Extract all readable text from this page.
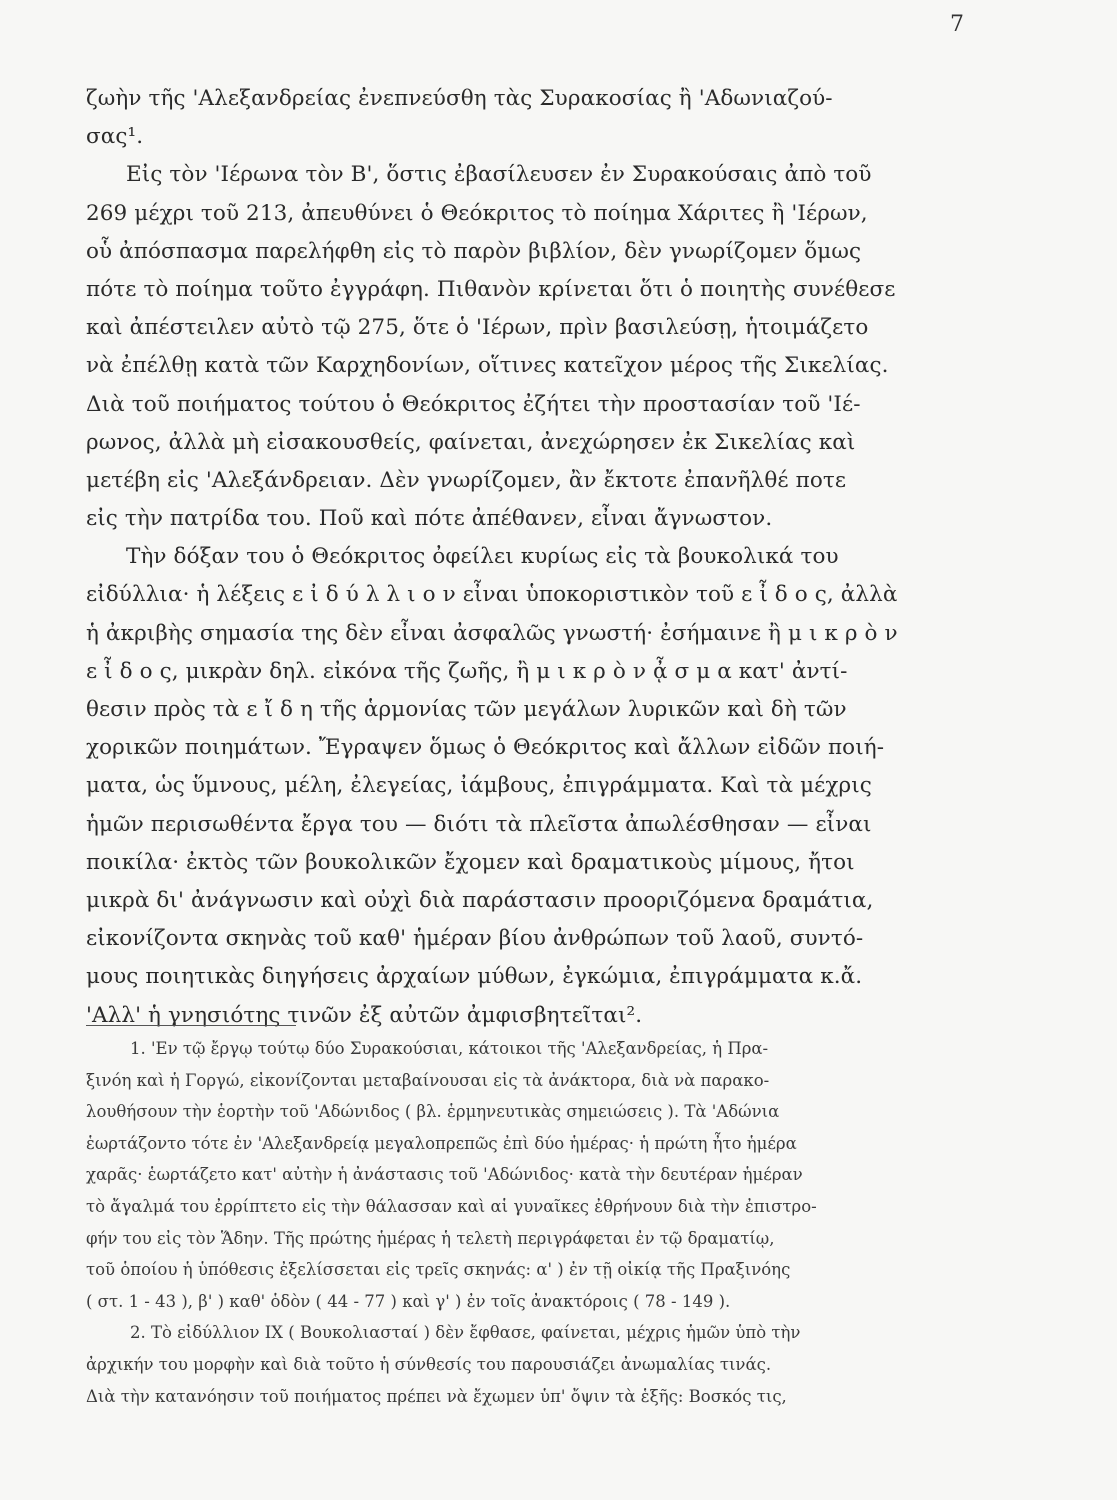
7
ζωὴν τῆς 'Αλεξανδρείας ἐνεπνεύσθη τὰς Συρακοσίας ἢ 'Αδωνιαζού-
σας¹.
Εἰς τὸν 'Ιέρωνα τὸν Β', ὅστις ἐβασίλευσεν ἐν Συρακούσαις ἀπὸ τοῦ
269 μέχρι τοῦ 213, ἀπευθύνει ὁ Θεόκριτος τὸ ποίημα Χάριτες ἢ 'Ιέρων,
οὗ ἀπόσπασμα παρελήφθη εἰς τὸ παρὸν βιβλίον, δὲν γνωρίζομεν ὅμως
πότε τὸ ποίημα τοῦτο ἐγγράφη. Πιθανὸν κρίνεται ὅτι ὁ ποιητὴς συνέθεσε
καὶ ἀπέστειλεν αὐτὸ τῷ 275, ὅτε ὁ 'Ιέρων, πρὶν βασιλεύσῃ, ἡτοιμάζετο
νὰ ἐπέλθῃ κατὰ τῶν Καρχηδονίων, οἵτινες κατεῖχον μέρος τῆς Σικελίας.
Διὰ τοῦ ποιήματος τούτου ὁ Θεόκριτος ἐζήτει τὴν προστασίαν τοῦ 'Ιέ-
ρωνος, ἀλλὰ μὴ εἰσακουσθείς, φαίνεται, ἀνεχώρησεν ἐκ Σικελίας καὶ
μετέβη εἰς 'Αλεξάνδρειαν. Δὲν γνωρίζομεν, ἂν ἔκτοτε ἐπανῆλθέ ποτε
εἰς τὴν πατρίδα του. Ποῦ καὶ πότε ἀπέθανεν, εἶναι ἄγνωστον.
Τὴν δόξαν του ὁ Θεόκριτος ὀφείλει κυρίως εἰς τὰ βουκολικά του
εἰδύλλια· ἡ λέξεις ε ἰ δ ύ λ λ ι ο ν εἶναι ὑποκοριστικὸν τοῦ ε ἶ δ ο ς, ἀλλὰ
ἡ ἀκριβὴς σημασία της δὲν εἶναι ἀσφαλῶς γνωστή· ἐσήμαινε ἢ μ ι κ ρ ὸ ν
ε ἶ δ ο ς, μικρὰν δηλ. εἰκόνα τῆς ζωῆς, ἢ μ ι κ ρ ὸ ν ᾆ σ μ α κατ' ἀντί-
θεσιν πρὸς τὰ ε ἴ δ η τῆς ἁρμονίας τῶν μεγάλων λυρικῶν καὶ δὴ τῶν
χορικῶν ποιημάτων. Ἔγραψεν ὅμως ὁ Θεόκριτος καὶ ἄλλων εἰδῶν ποιή-
ματα, ὡς ὕμνους, μέλη, ἐλεγείας, ἰάμβους, ἐπιγράμματα. Καὶ τὰ μέχρις
ἡμῶν περισωθέντα ἔργα του — διότι τὰ πλεῖστα ἀπωλέσθησαν — εἶναι
ποικίλα· ἐκτὸς τῶν βουκολικῶν ἔχομεν καὶ δραματικοὺς μίμους, ἤτοι
μικρὰ δι' ἀνάγνωσιν καὶ οὐχὶ διὰ παράστασιν προοριζόμενα δραμάτια,
εἰκονίζοντα σκηνὰς τοῦ καθ' ἡμέραν βίου ἀνθρώπων τοῦ λαοῦ, συντό-
μους ποιητικὰς διηγήσεις ἀρχαίων μύθων, ἐγκώμια, ἐπιγράμματα κ.ἄ.
'Αλλ' ἡ γνησιότης τινῶν ἐξ αὐτῶν ἀμφισβητεῖται².
1. 'Εν τῷ ἔργῳ τούτῳ δύο Συρακούσιαι, κάτοικοι τῆς 'Αλεξανδρείας, ἡ Πρα-
ξινόη καὶ ἡ Γοργώ, εἰκονίζονται μεταβαίνουσαι εἰς τὰ ἀνάκτορα, διὰ νὰ παρακο-
λουθήσουν τὴν ἑορτὴν τοῦ 'Αδώνιδος ( βλ. ἑρμηνευτικὰς σημειώσεις ). Τὰ 'Αδώνια
ἑωρτάζοντο τότε ἐν 'Αλεξανδρείᾳ μεγαλοπρεπῶς ἐπὶ δύο ἡμέρας· ἡ πρώτη ἦτο ἡμέρα
χαρᾶς· ἑωρτάζετο κατ' αὐτὴν ἡ ἀνάστασις τοῦ 'Αδώνιδος· κατὰ τὴν δευτέραν ἡμέραν
τὸ ἄγαλμά του ἐρρίπτετο εἰς τὴν θάλασσαν καὶ αἱ γυναῖκες ἐθρήνουν διὰ τὴν ἐπιστρο-
φήν του εἰς τὸν Ἅδην. Τῆς πρώτης ἡμέρας ἡ τελετὴ περιγράφεται ἐν τῷ δραματίῳ,
τοῦ ὁποίου ἡ ὑπόθεσις ἐξελίσσεται εἰς τρεῖς σκηνάς: α' ) ἐν τῇ οἰκίᾳ τῆς Πραξινόης
( στ. 1 - 43 ), β' ) καθ' ὁδὸν ( 44 - 77 ) καὶ γ' ) ἐν τοῖς ἀνακτόροις ( 78 - 149 ).
2. Τὸ εἰδύλλιον IX ( Βουκολιασταί ) δὲν ἔφθασε, φαίνεται, μέχρις ἡμῶν ὑπὸ τὴν
ἀρχικήν του μορφὴν καὶ διὰ τοῦτο ἡ σύνθεσίς του παρουσιάζει ἀνωμαλίας τινάς.
Διὰ τὴν κατανόησιν τοῦ ποιήματος πρέπει νὰ ἔχωμεν ὑπ' ὄψιν τὰ ἑξῆς: Βοσκός τις,
